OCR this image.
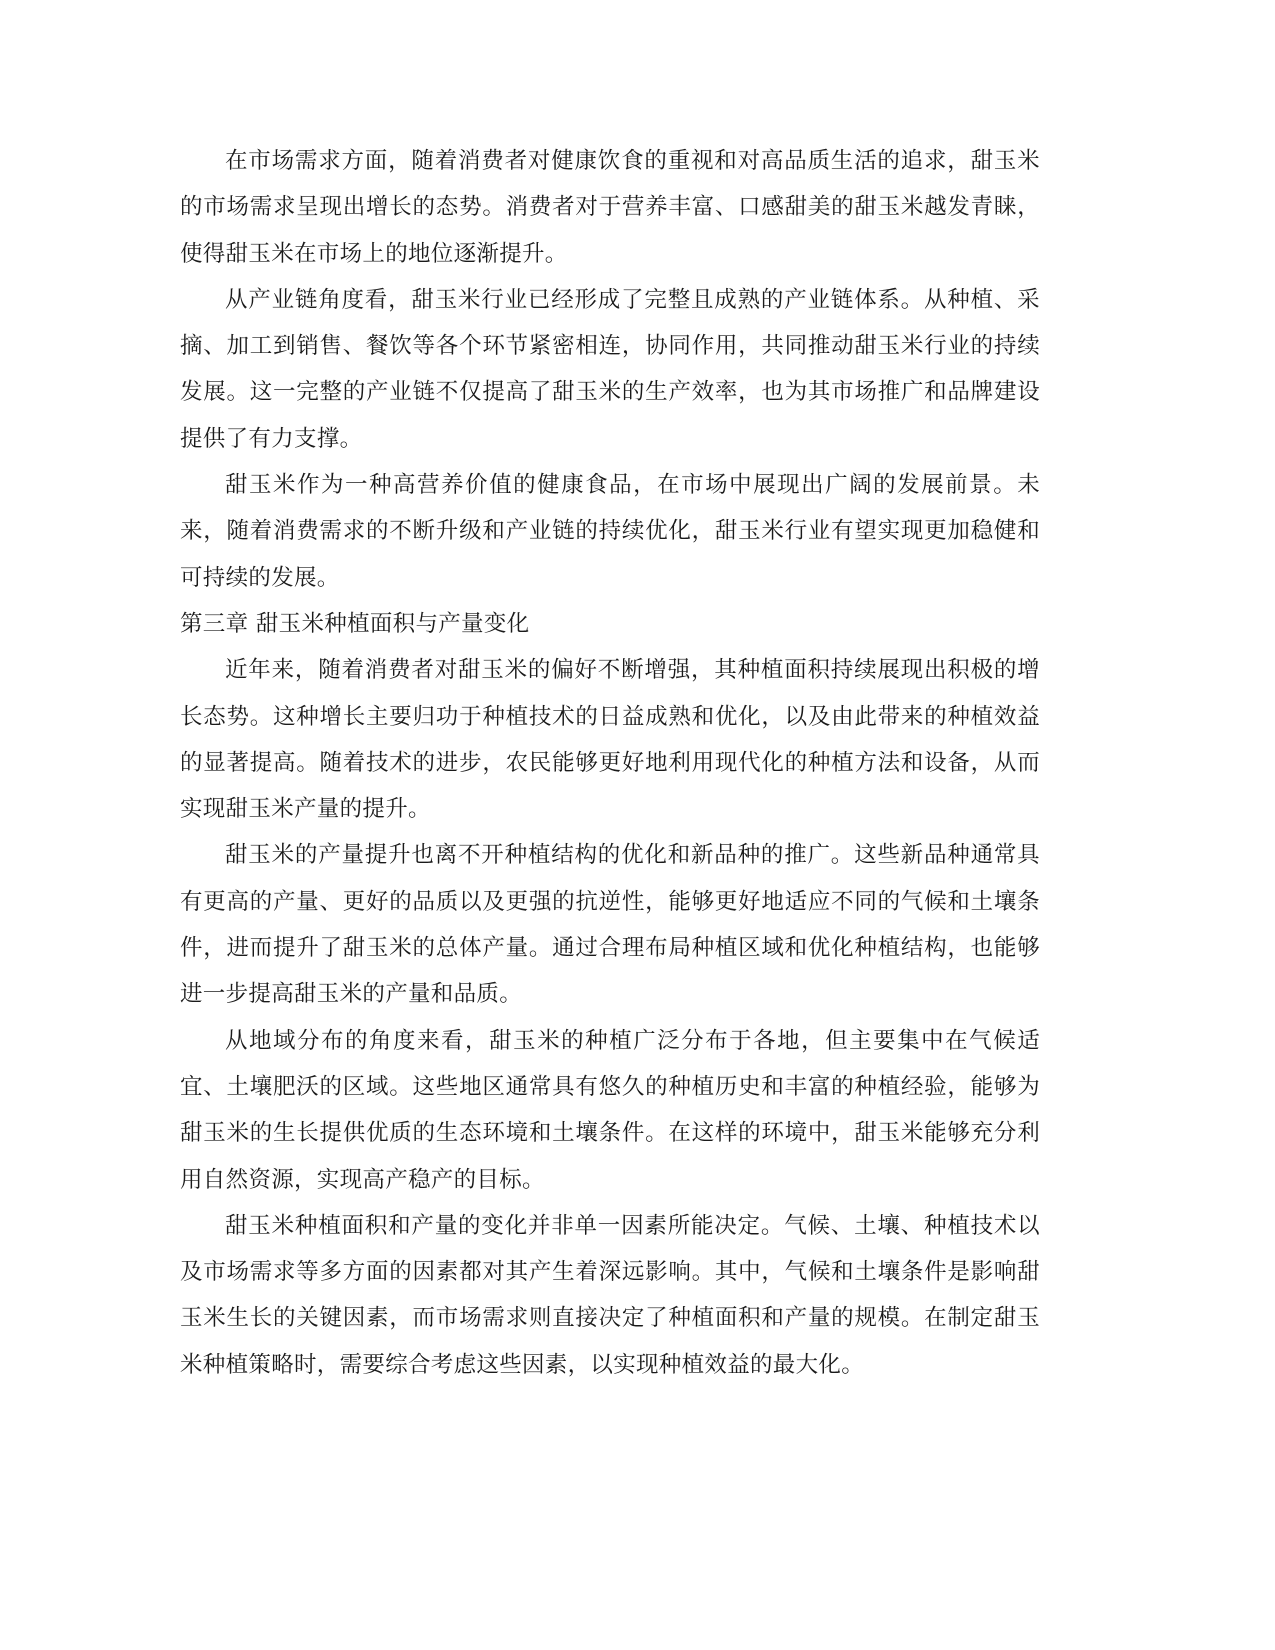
在市场需求方面，随着消费者对健康饮食的重视和对高品质生活的追求，甜玉米的市场需求呈现出增长的态势。消费者对于营养丰富、口感甜美的甜玉米越发青睐，使得甜玉米在市场上的地位逐渐提升。

从产业链角度看，甜玉米行业已经形成了完整且成熟的产业链体系。从种植、采摘、加工到销售、餐饮等各个环节紧密相连，协同作用，共同推动甜玉米行业的持续发展。这一完整的产业链不仅提高了甜玉米的生产效率，也为其市场推广和品牌建设提供了有力支撑。

甜玉米作为一种高营养价值的健康食品，在市场中展现出广阔的发展前景。未来，随着消费需求的不断升级和产业链的持续优化，甜玉米行业有望实现更加稳健和可持续的发展。

第三章 甜玉米种植面积与产量变化

近年来，随着消费者对甜玉米的偏好不断增强，其种植面积持续展现出积极的增长态势。这种增长主要归功于种植技术的日益成熟和优化，以及由此带来的种植效益的显著提高。随着技术的进步，农民能够更好地利用现代化的种植方法和设备，从而实现甜玉米产量的提升。

甜玉米的产量提升也离不开种植结构的优化和新品种的推广。这些新品种通常具有更高的产量、更好的品质以及更强的抗逆性，能够更好地适应不同的气候和土壤条件，进而提升了甜玉米的总体产量。通过合理布局种植区域和优化种植结构，也能够进一步提高甜玉米的产量和品质。

从地域分布的角度来看，甜玉米的种植广泛分布于各地，但主要集中在气候适宜、土壤肥沃的区域。这些地区通常具有悠久的种植历史和丰富的种植经验，能够为甜玉米的生长提供优质的生态环境和土壤条件。在这样的环境中，甜玉米能够充分利用自然资源，实现高产稳产的目标。

甜玉米种植面积和产量的变化并非单一因素所能决定。气候、土壤、种植技术以及市场需求等多方面的因素都对其产生着深远影响。其中，气候和土壤条件是影响甜玉米生长的关键因素，而市场需求则直接决定了种植面积和产量的规模。在制定甜玉米种植策略时，需要综合考虑这些因素，以实现种植效益的最大化。
